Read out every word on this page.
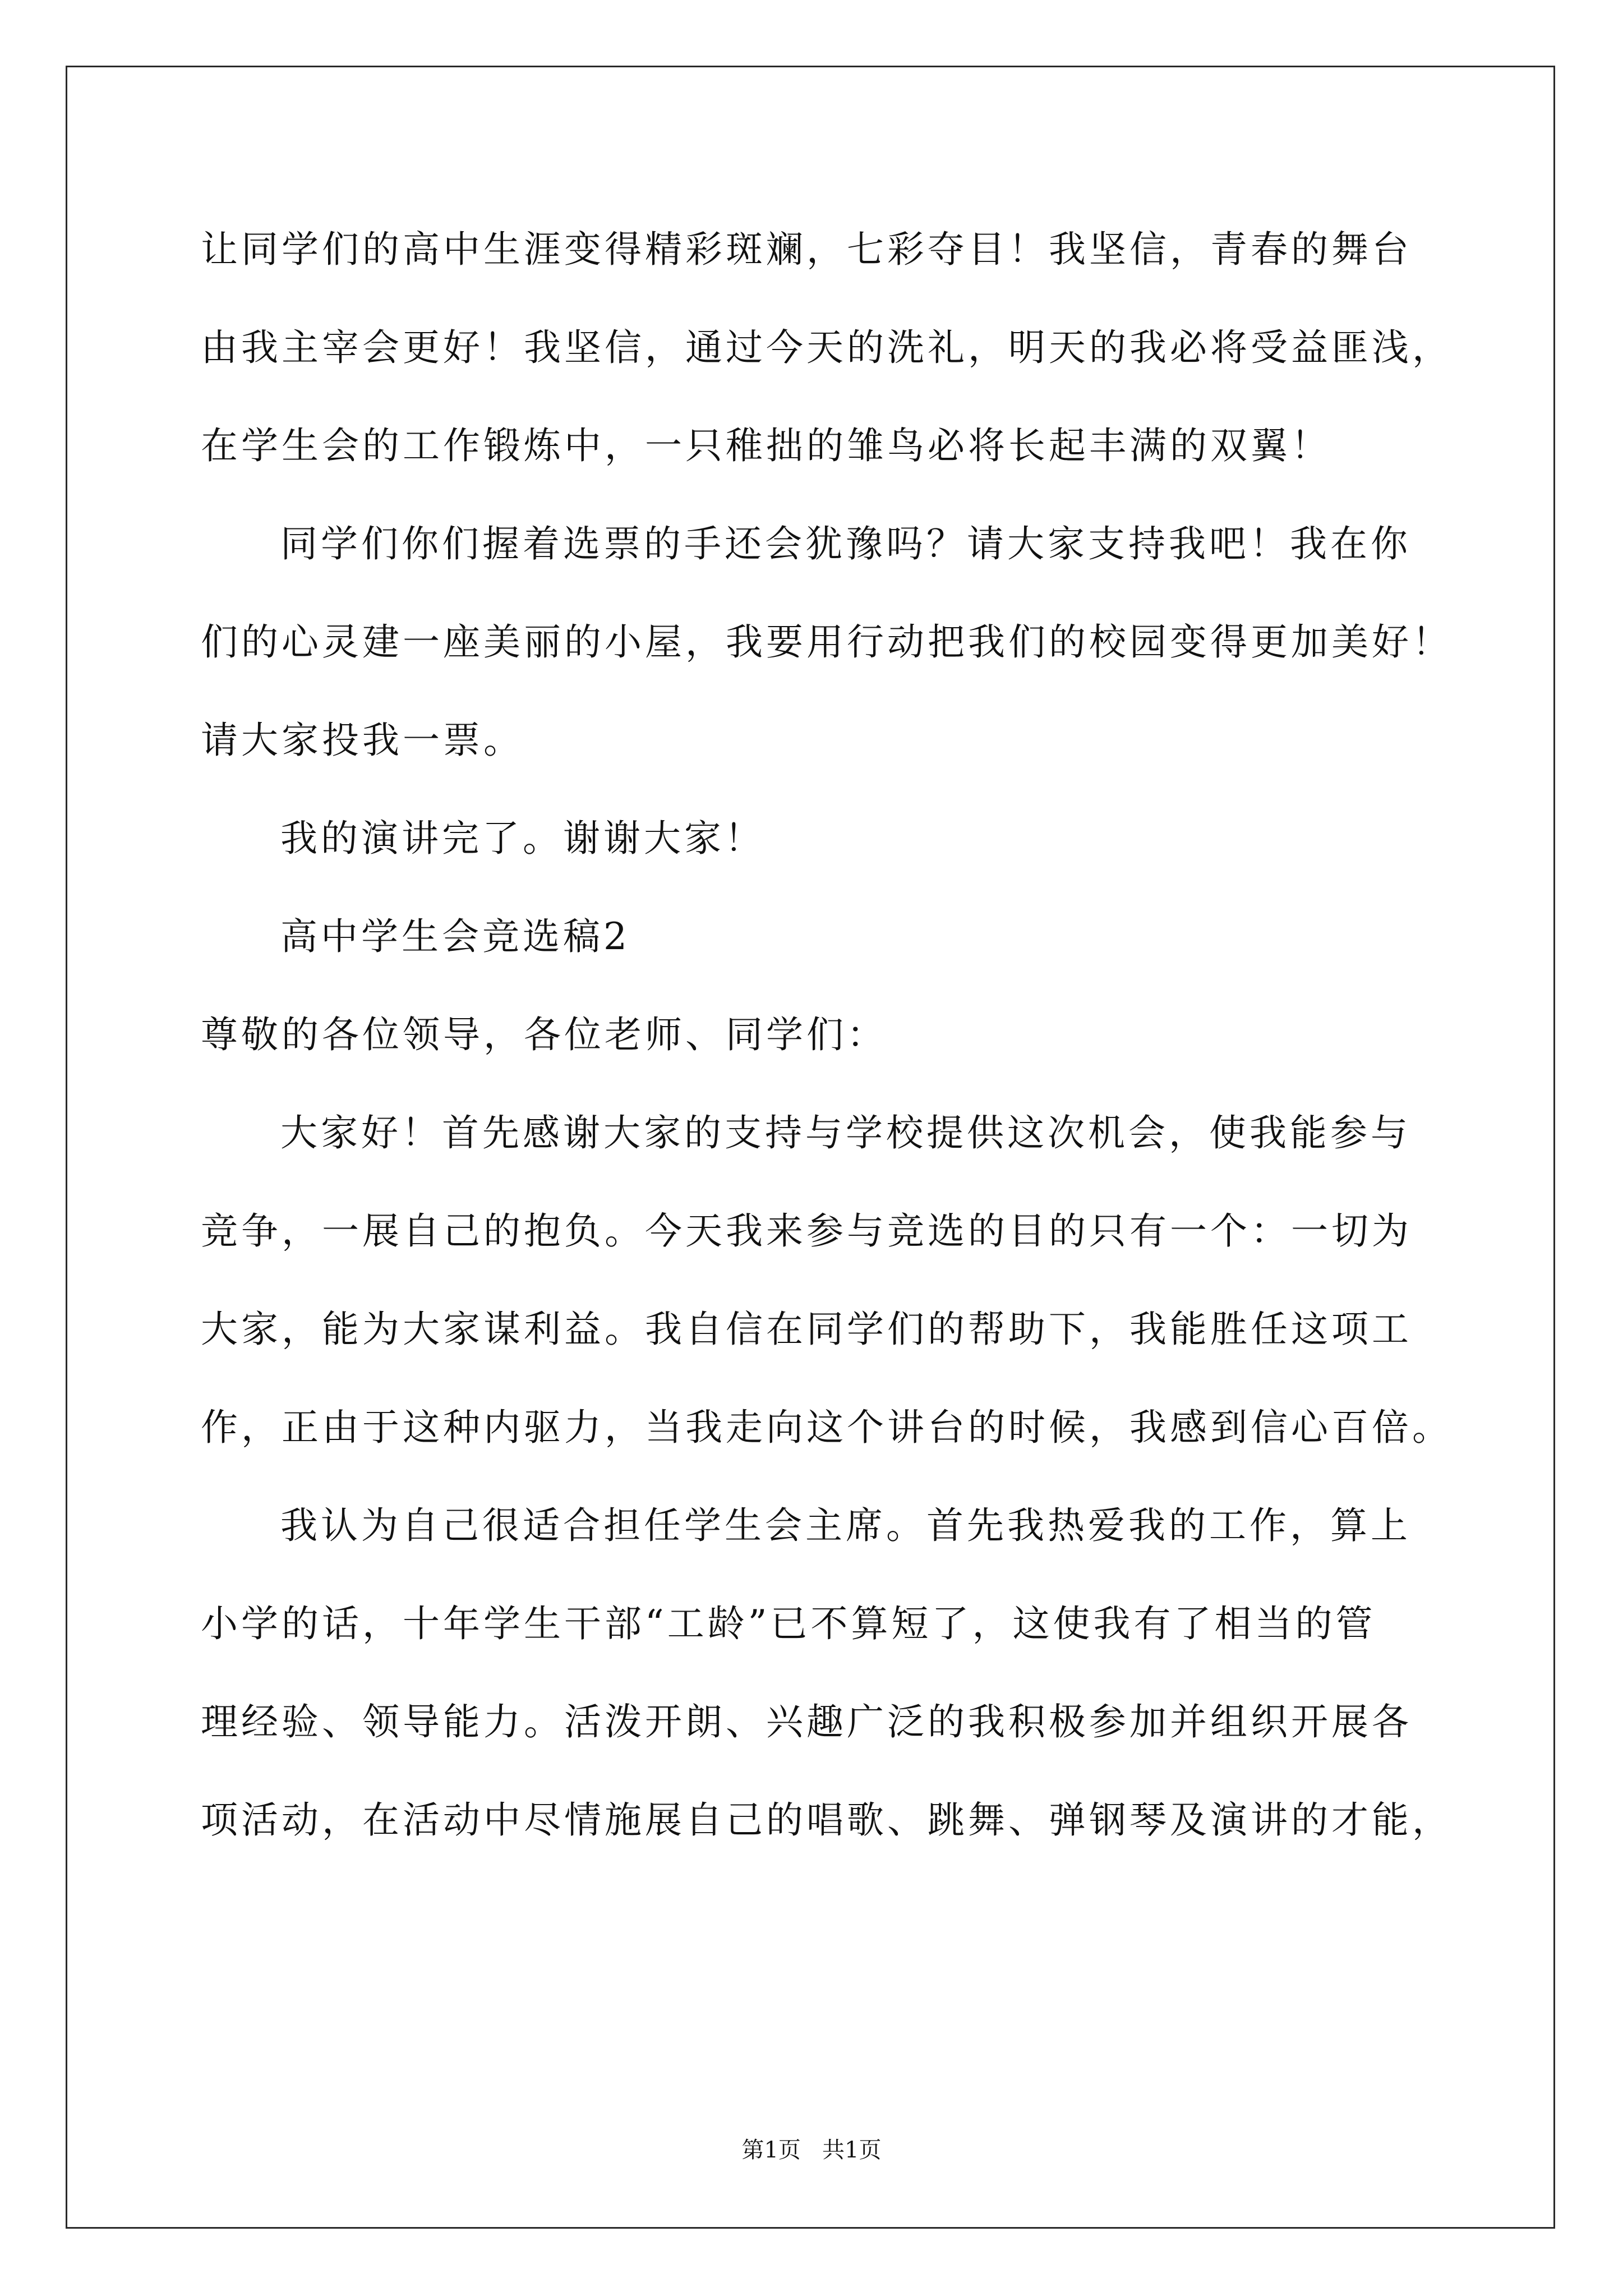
让同学们的高中生涯变得精彩斑斓，七彩夺目！我坚信，青春的舞台
由我主宰会更好！我坚信，通过今天的洗礼，明天的我必将受益匪浅，
在学生会的工作锻炼中，一只稚拙的雏鸟必将长起丰满的双翼！
同学们你们握着选票的手还会犹豫吗？请大家支持我吧！我在你
们的心灵建一座美丽的小屋，我要用行动把我们的校园变得更加美好！
请大家投我一票。
我的演讲完了。谢谢大家！
高中学生会竞选稿2
尊敬的各位领导，各位老师、同学们：
大家好！首先感谢大家的支持与学校提供这次机会，使我能参与
竞争，一展自己的抱负。今天我来参与竞选的目的只有一个：一切为
大家，能为大家谋利益。我自信在同学们的帮助下，我能胜任这项工
作，正由于这种内驱力，当我走向这个讲台的时候，我感到信心百倍。
我认为自己很适合担任学生会主席。首先我热爱我的工作，算上
小学的话，十年学生干部“工龄”已不算短了，这使我有了相当的管
理经验、领导能力。活泼开朗、兴趣广泛的我积极参加并组织开展各
项活动，在活动中尽情施展自己的唱歌、跳舞、弹钢琴及演讲的才能，
第1页   共1页
